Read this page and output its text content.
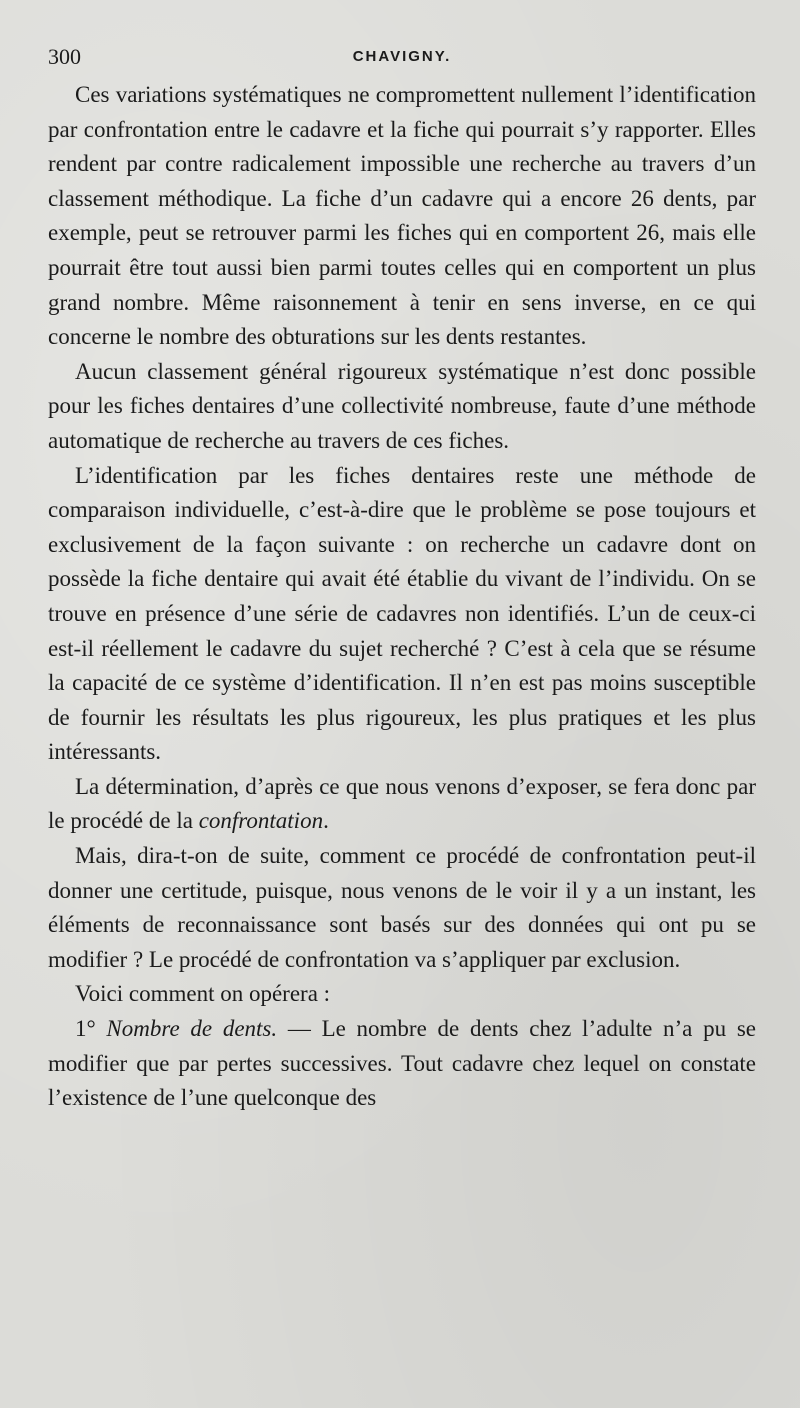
300	CHAVIGNY.

Ces variations systématiques ne compromettent nullement l’identification par confrontation entre le cadavre et la fiche qui pourrait s’y rapporter. Elles rendent par contre radicalement impossible une recherche au travers d’un classement méthodique. La fiche d’un cadavre qui a encore 26 dents, par exemple, peut se retrouver parmi les fiches qui en comportent 26, mais elle pourrait être tout aussi bien parmi toutes celles qui en comportent un plus grand nombre. Même raisonnement à tenir en sens inverse, en ce qui concerne le nombre des obturations sur les dents restantes.

Aucun classement général rigoureux systématique n’est donc possible pour les fiches dentaires d’une collectivité nombreuse, faute d’une méthode automatique de recherche au travers de ces fiches.

L’identification par les fiches dentaires reste une méthode de comparaison individuelle, c’est-à-dire que le problème se pose toujours et exclusivement de la façon suivante : on recherche un cadavre dont on possède la fiche dentaire qui avait été établie du vivant de l’individu. On se trouve en présence d’une série de cadavres non identifiés. L’un de ceux-ci est-il réellement le cadavre du sujet recherché ? C’est à cela que se résume la capacité de ce système d’identification. Il n’en est pas moins susceptible de fournir les résultats les plus rigoureux, les plus pratiques et les plus intéressants.

La détermination, d’après ce que nous venons d’exposer, se fera donc par le procédé de la confrontation.

Mais, dira-t-on de suite, comment ce procédé de confrontation peut-il donner une certitude, puisque, nous venons de le voir il y a un instant, les éléments de reconnaissance sont basés sur des données qui ont pu se modifier ? Le procédé de confrontation va s’appliquer par exclusion.

Voici comment on opérera :

1° Nombre de dents. — Le nombre de dents chez l’adulte n’a pu se modifier que par pertes successives. Tout cadavre chez lequel on constate l’existence de l’une quelconque des
